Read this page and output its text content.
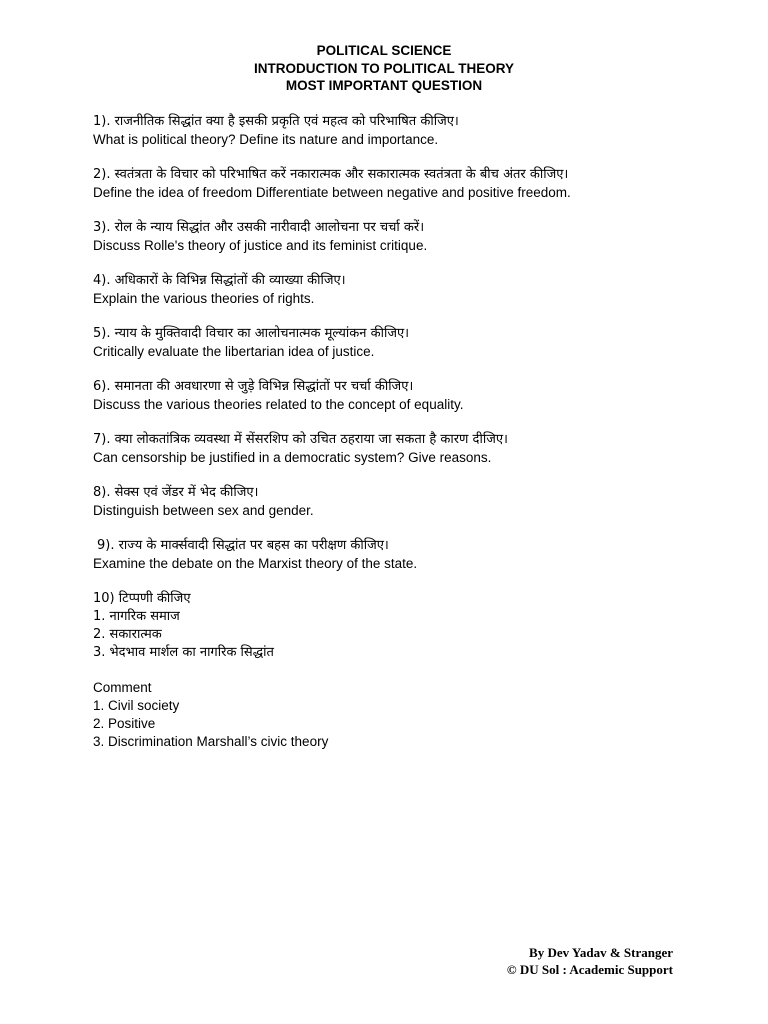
POLITICAL SCIENCE
INTRODUCTION TO POLITICAL THEORY
MOST IMPORTANT QUESTION
1). राजनीतिक सिद्धांत क्या है इसकी प्रकृति एवं महत्व को परिभाषित कीजिए।
What is political theory? Define its nature and importance.
2). स्वतंत्रता के विचार को परिभाषित करें नकारात्मक और सकारात्मक स्वतंत्रता के बीच अंतर कीजिए।
Define the idea of freedom Differentiate between negative and positive freedom.
3). रोल के न्याय सिद्धांत और उसकी नारीवादी आलोचना पर चर्चा करें।
Discuss Rolle's theory of justice and its feminist critique.
4). अधिकारों के विभिन्न सिद्धांतों की व्याख्या कीजिए।
Explain the various theories of rights.
5). न्याय के मुक्तिवादी विचार का आलोचनात्मक मूल्यांकन कीजिए।
Critically evaluate the libertarian idea of justice.
6). समानता की अवधारणा से जुड़े विभिन्न सिद्धांतों पर चर्चा कीजिए।
Discuss the various theories related to the concept of equality.
7). क्या लोकतांत्रिक व्यवस्था में सेंसरशिप को उचित ठहराया जा सकता है कारण दीजिए।
Can censorship be justified in a democratic system? Give reasons.
8). सेक्स एवं जेंडर में भेद कीजिए।
Distinguish between sex and gender.
9). राज्य के मार्क्सवादी सिद्धांत पर बहस का परीक्षण कीजिए।
Examine the debate on the Marxist theory of the state.
10) टिप्पणी कीजिए
1. नागरिक समाज
2. सकारात्मक
3. भेदभाव मार्शल का नागरिक सिद्धांत
Comment
1. Civil society
2. Positive
3. Discrimination Marshall’s civic theory
By Dev Yadav & Stranger
© DU Sol : Academic Support
